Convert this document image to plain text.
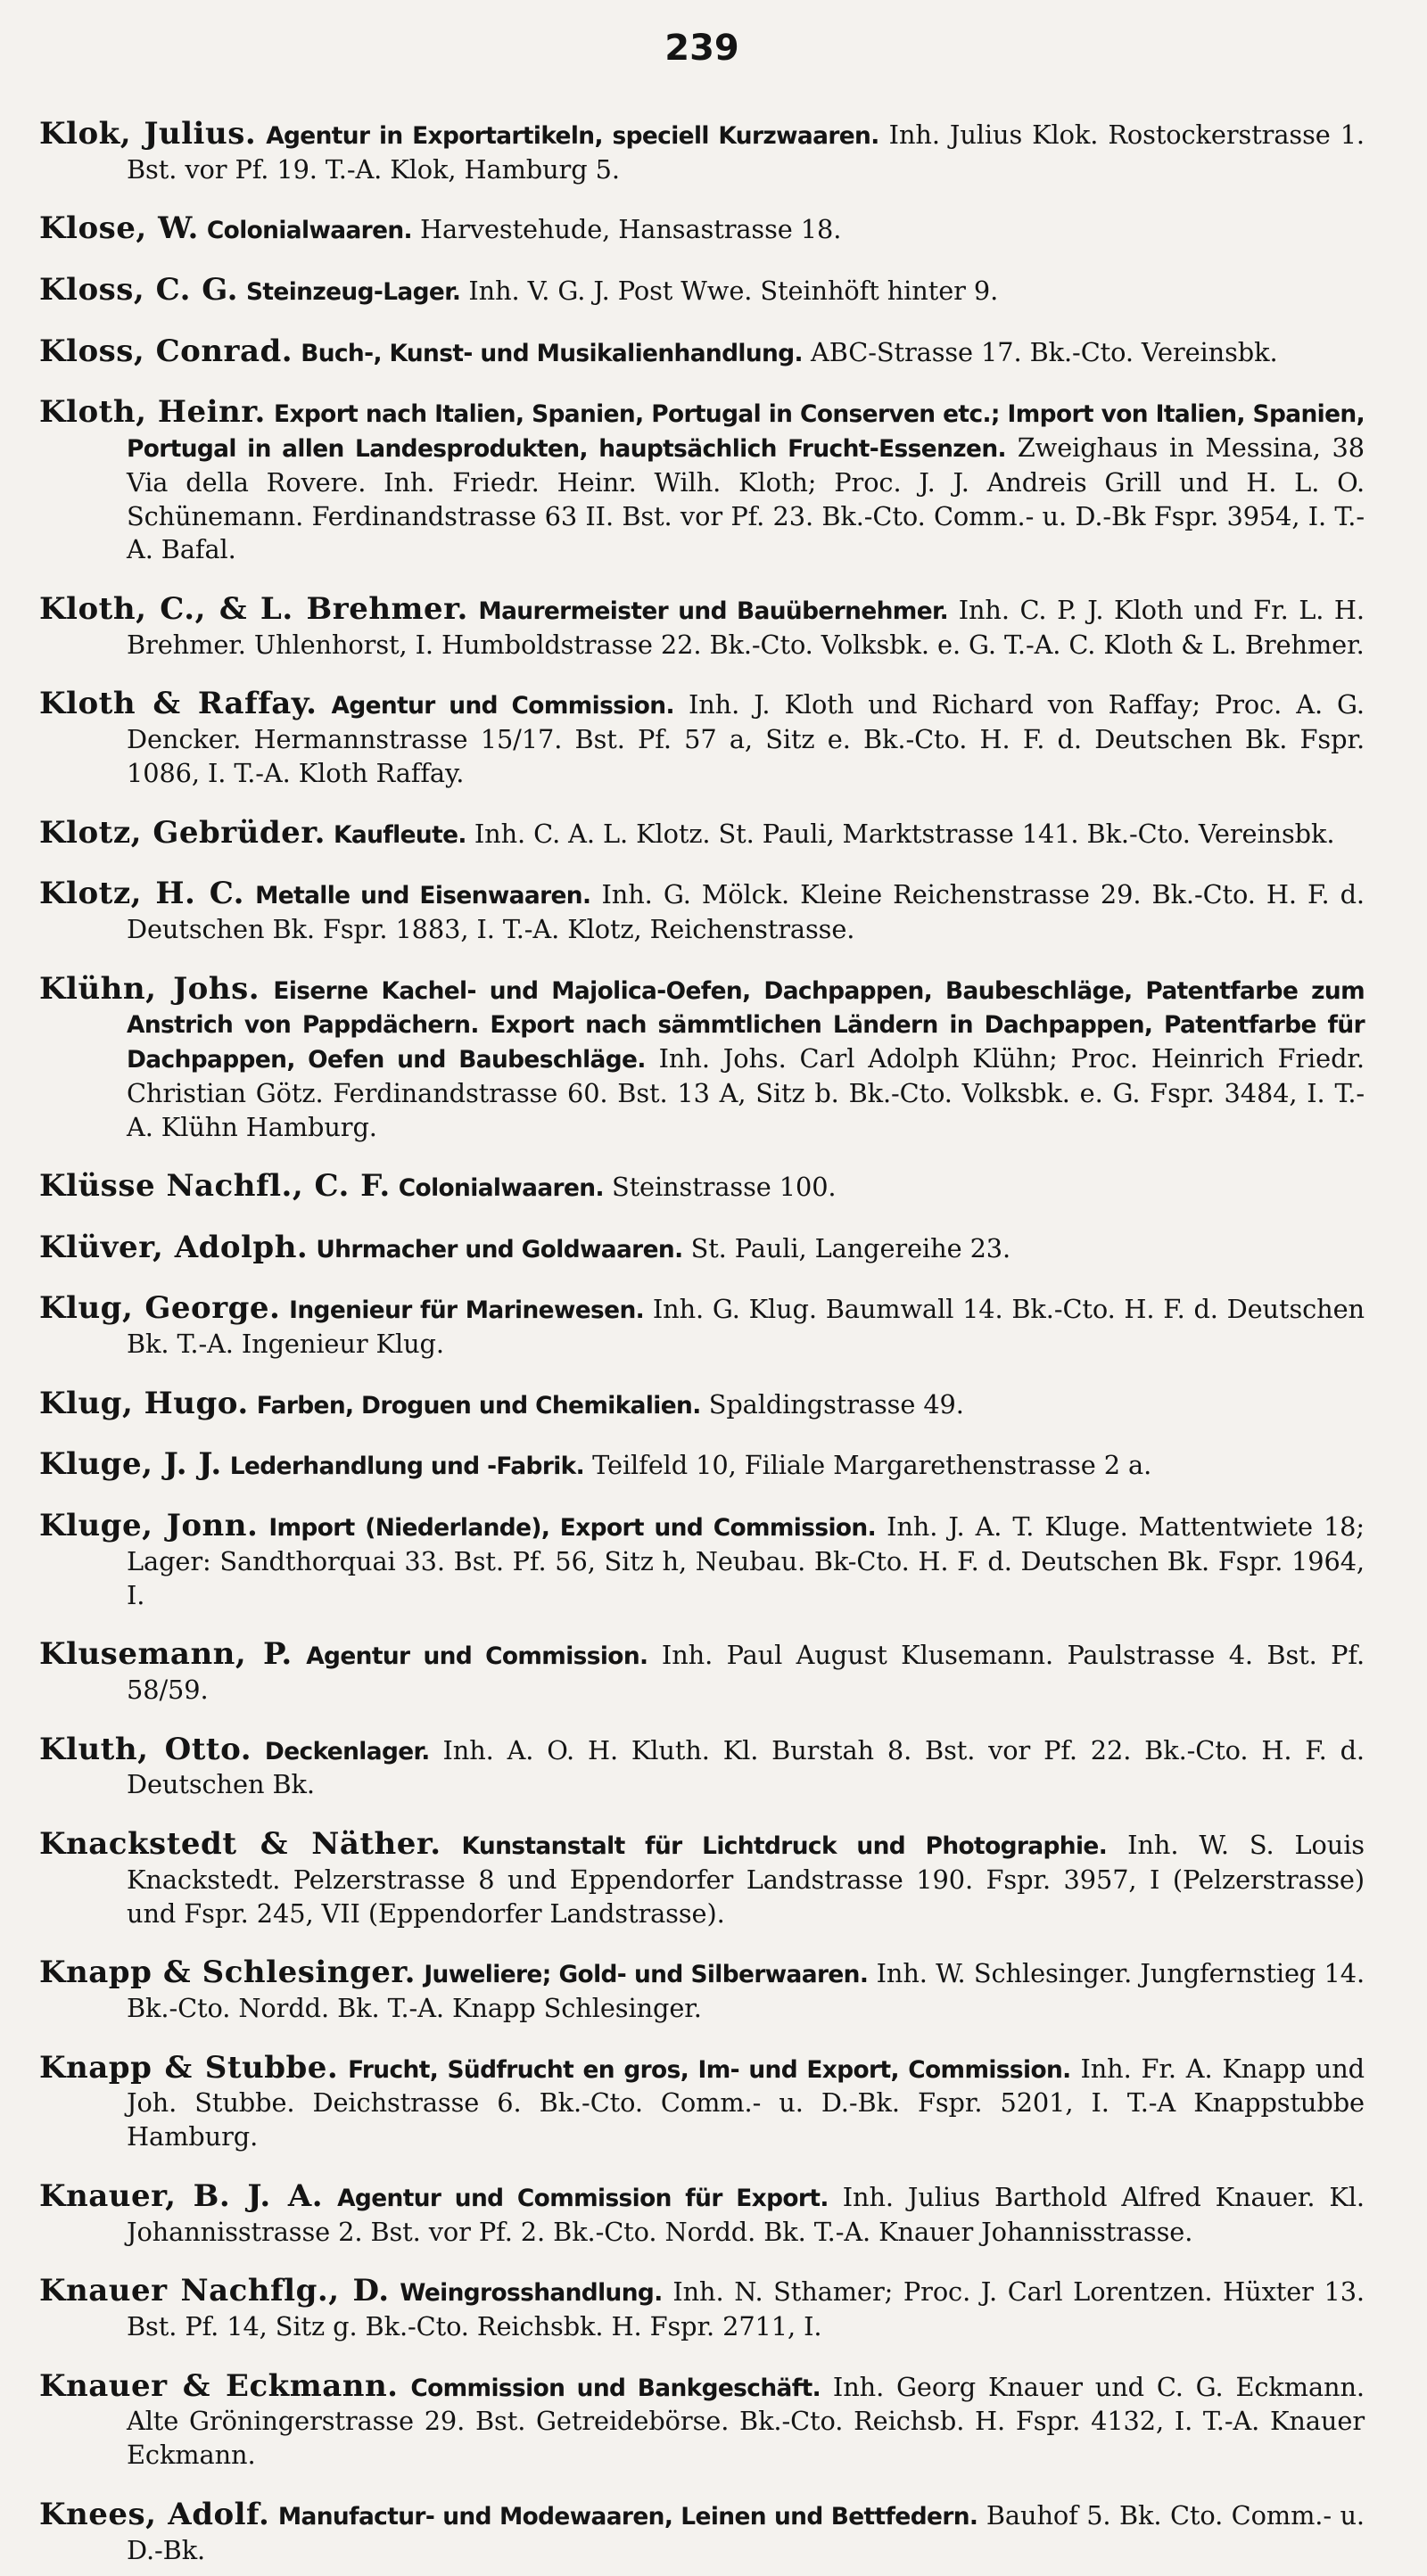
239

Klok, Julius. Agentur in Exportartikeln, speciell Kurzwaaren. Inh. Julius Klok. Rostockerstrasse 1. Bst. vor Pf. 19. T.-A. Klok, Hamburg 5.

Klose, W. Colonialwaaren. Harvestehude, Hansastrasse 18.

Kloss, C. G. Steinzeug-Lager. Inh. V. G. J. Post Wwe. Steinhöft hinter 9.

Kloss, Conrad. Buch-, Kunst- und Musikalienhandlung. ABC-Strasse 17. Bk.-Cto. Vereinsbk.

Kloth, Heinr. Export nach Italien, Spanien, Portugal in Conserven etc.; Import von Italien, Spanien, Portugal in allen Landesprodukten, hauptsächlich Frucht-Essenzen. Zweighaus in Messina, 38 Via della Rovere. Inh. Friedr. Heinr. Wilh. Kloth; Proc. J. J. Andreis Grill und H. L. O. Schünemann. Ferdinandstrasse 63 II. Bst. vor Pf. 23. Bk.-Cto. Comm.- u. D.-Bk Fspr. 3954, I. T.-A. Bafal.

Kloth, C., & L. Brehmer. Maurermeister und Bauübernehmer. Inh. C. P. J. Kloth und Fr. L. H. Brehmer. Uhlenhorst, I. Humboldstrasse 22. Bk.-Cto. Volksbk. e. G. T.-A. C. Kloth & L. Brehmer.

Kloth & Raffay. Agentur und Commission. Inh. J. Kloth und Richard von Raffay; Proc. A. G. Dencker. Hermannstrasse 15/17. Bst. Pf. 57 a, Sitz e. Bk.-Cto. H. F. d. Deutschen Bk. Fspr. 1086, I. T.-A. Kloth Raffay.

Klotz, Gebrüder. Kaufleute. Inh. C. A. L. Klotz. St. Pauli, Marktstrasse 141. Bk.-Cto. Vereinsbk.

Klotz, H. C. Metalle und Eisenwaaren. Inh. G. Mölck. Kleine Reichenstrasse 29. Bk.-Cto. H. F. d. Deutschen Bk. Fspr. 1883, I. T.-A. Klotz, Reichenstrasse.

Klühn, Johs. Eiserne Kachel- und Majolica-Oefen, Dachpappen, Baubeschläge, Patentfarbe zum Anstrich von Pappdächern. Export nach sämmtlichen Ländern in Dachpappen, Patentfarbe für Dachpappen, Oefen und Baubeschläge. Inh. Johs. Carl Adolph Klühn; Proc. Heinrich Friedr. Christian Götz. Ferdinandstrasse 60. Bst. 13 A, Sitz b. Bk.-Cto. Volksbk. e. G. Fspr. 3484, I. T.-A. Klühn Hamburg.

Klüsse Nachfl., C. F. Colonialwaaren. Steinstrasse 100.

Klüver, Adolph. Uhrmacher und Goldwaaren. St. Pauli, Langereihe 23.

Klug, George. Ingenieur für Marinewesen. Inh. G. Klug. Baumwall 14. Bk.-Cto. H. F. d. Deutschen Bk. T.-A. Ingenieur Klug.

Klug, Hugo. Farben, Droguen und Chemikalien. Spaldingstrasse 49.

Kluge, J. J. Lederhandlung und -Fabrik. Teilfeld 10, Filiale Margarethenstrasse 2 a.

Kluge, Jonn. Import (Niederlande), Export und Commission. Inh. J. A. T. Kluge. Mattentwiete 18; Lager: Sandthorquai 33. Bst. Pf. 56, Sitz h, Neubau. Bk-Cto. H. F. d. Deutschen Bk. Fspr. 1964, I.

Klusemann, P. Agentur und Commission. Inh. Paul August Klusemann. Paulstrasse 4. Bst. Pf. 58/59.

Kluth, Otto. Deckenlager. Inh. A. O. H. Kluth. Kl. Burstah 8. Bst. vor Pf. 22. Bk.-Cto. H. F. d. Deutschen Bk.

Knackstedt & Näther. Kunstanstalt für Lichtdruck und Photographie. Inh. W. S. Louis Knackstedt. Pelzerstrasse 8 und Eppendorfer Landstrasse 190. Fspr. 3957, I (Pelzerstrasse) und Fspr. 245, VII (Eppendorfer Landstrasse).

Knapp & Schlesinger. Juweliere; Gold- und Silberwaaren. Inh. W. Schlesinger. Jungfernstieg 14. Bk.-Cto. Nordd. Bk. T.-A. Knapp Schlesinger.

Knapp & Stubbe. Frucht, Südfrucht en gros, Im- und Export, Commission. Inh. Fr. A. Knapp und Joh. Stubbe. Deichstrasse 6. Bk.-Cto. Comm.- u. D.-Bk. Fspr. 5201, I. T.-A Knappstubbe Hamburg.

Knauer, B. J. A. Agentur und Commission für Export. Inh. Julius Barthold Alfred Knauer. Kl. Johannisstrasse 2. Bst. vor Pf. 2. Bk.-Cto. Nordd. Bk. T.-A. Knauer Johannisstrasse.

Knauer Nachflg., D. Weingrosshandlung. Inh. N. Sthamer; Proc. J. Carl Lorentzen. Hüxter 13. Bst. Pf. 14, Sitz g. Bk.-Cto. Reichsbk. H. Fspr. 2711, I.

Knauer & Eckmann. Commission und Bankgeschäft. Inh. Georg Knauer und C. G. Eckmann. Alte Gröningerstrasse 29. Bst. Getreidebörse. Bk.-Cto. Reichsb. H. Fspr. 4132, I. T.-A. Knauer Eckmann.

Knees, Adolf. Manufactur- und Modewaaren, Leinen und Bettfedern. Bauhof 5. Bk. Cto. Comm.- u. D.-Bk.
